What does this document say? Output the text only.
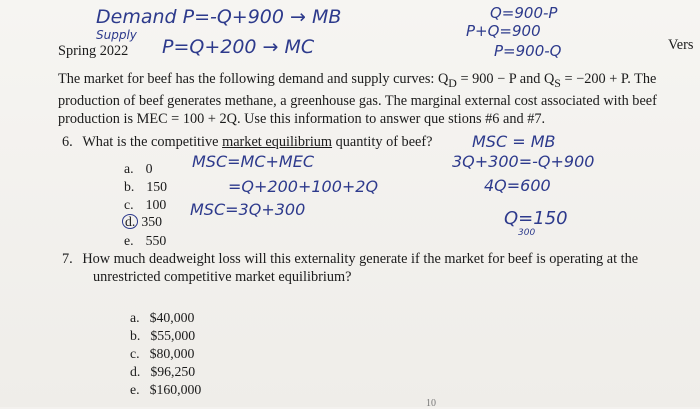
Demand P=-Q+900 → MB
Supply
P=Q+200 → MC
Q=900-P
P+Q=900
P=900-Q
Spring 2022	Vers
The market for beef has the following demand and supply curves: $Q_D = 900 - P$ and $Q_S = -200 + P$. The
production of beef generates methane, a greenhouse gas. The marginal external cost associated with beef
production is MEC = 100 + 2Q. Use this information to answer que stions #6 and #7.
6. What is the competitive market equilibrium quantity of beef? MSC = MB
a. 0
b. 150
c. 100
d. 350
e. 550
MSC=MC+MEC
=Q+200+100+2Q
MSC=3Q+300
3Q+300=-Q+900
4Q=600
Q=150
300
7. How much deadweight loss will this externality generate if the market for beef is operating at the
unrestricted competitive market equilibrium?
a. $40,000
b. $55,000
c. $80,000
d. $96,250
e. $160,000
10
